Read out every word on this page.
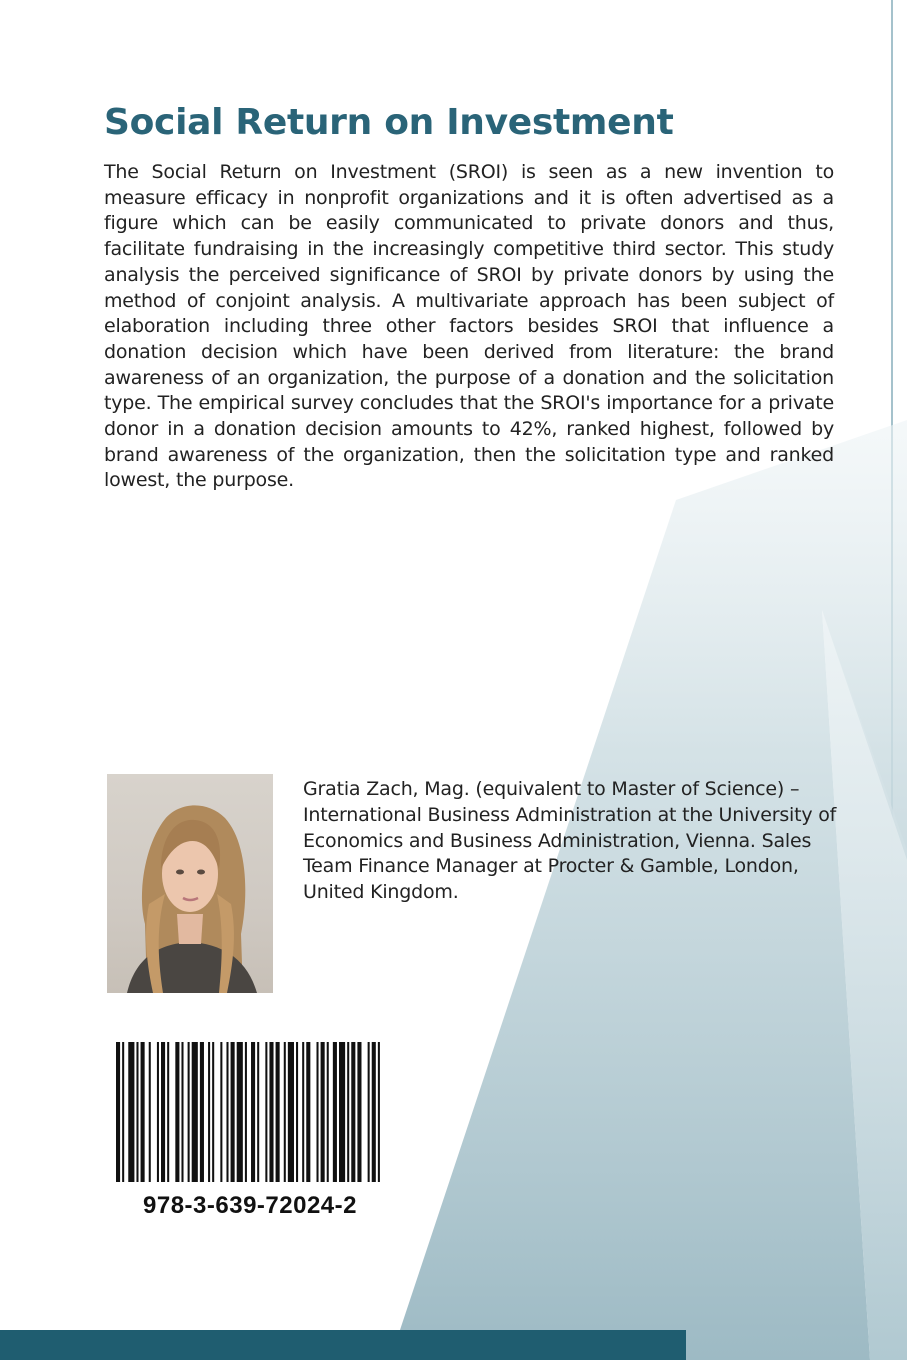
Social Return on Investment

The Social Return on Investment (SROI) is seen as a new invention to measure efficacy in nonprofit organizations and it is often advertised as a figure which can be easily communicated to private donors and thus, facilitate fundraising in the increasingly competitive third sector. This study analysis the perceived significance of SROI by private donors by using the method of conjoint analysis. A multivariate approach has been subject of elaboration including three other factors besides SROI that influence a donation decision which have been derived from literature: the brand awareness of an organization, the purpose of a donation and the solicitation type. The empirical survey concludes that the SROI's importance for a private donor in a donation decision amounts to 42%, ranked highest, followed by brand awareness of the organization, then the solicitation type and ranked lowest, the purpose.

Gratia Zach, Mag. (equivalent to Master of Science) – International Business Administration at the University of Economics and Business Administration, Vienna. Sales Team Finance Manager at Procter & Gamble, London, United Kingdom.

978-3-639-72024-2
